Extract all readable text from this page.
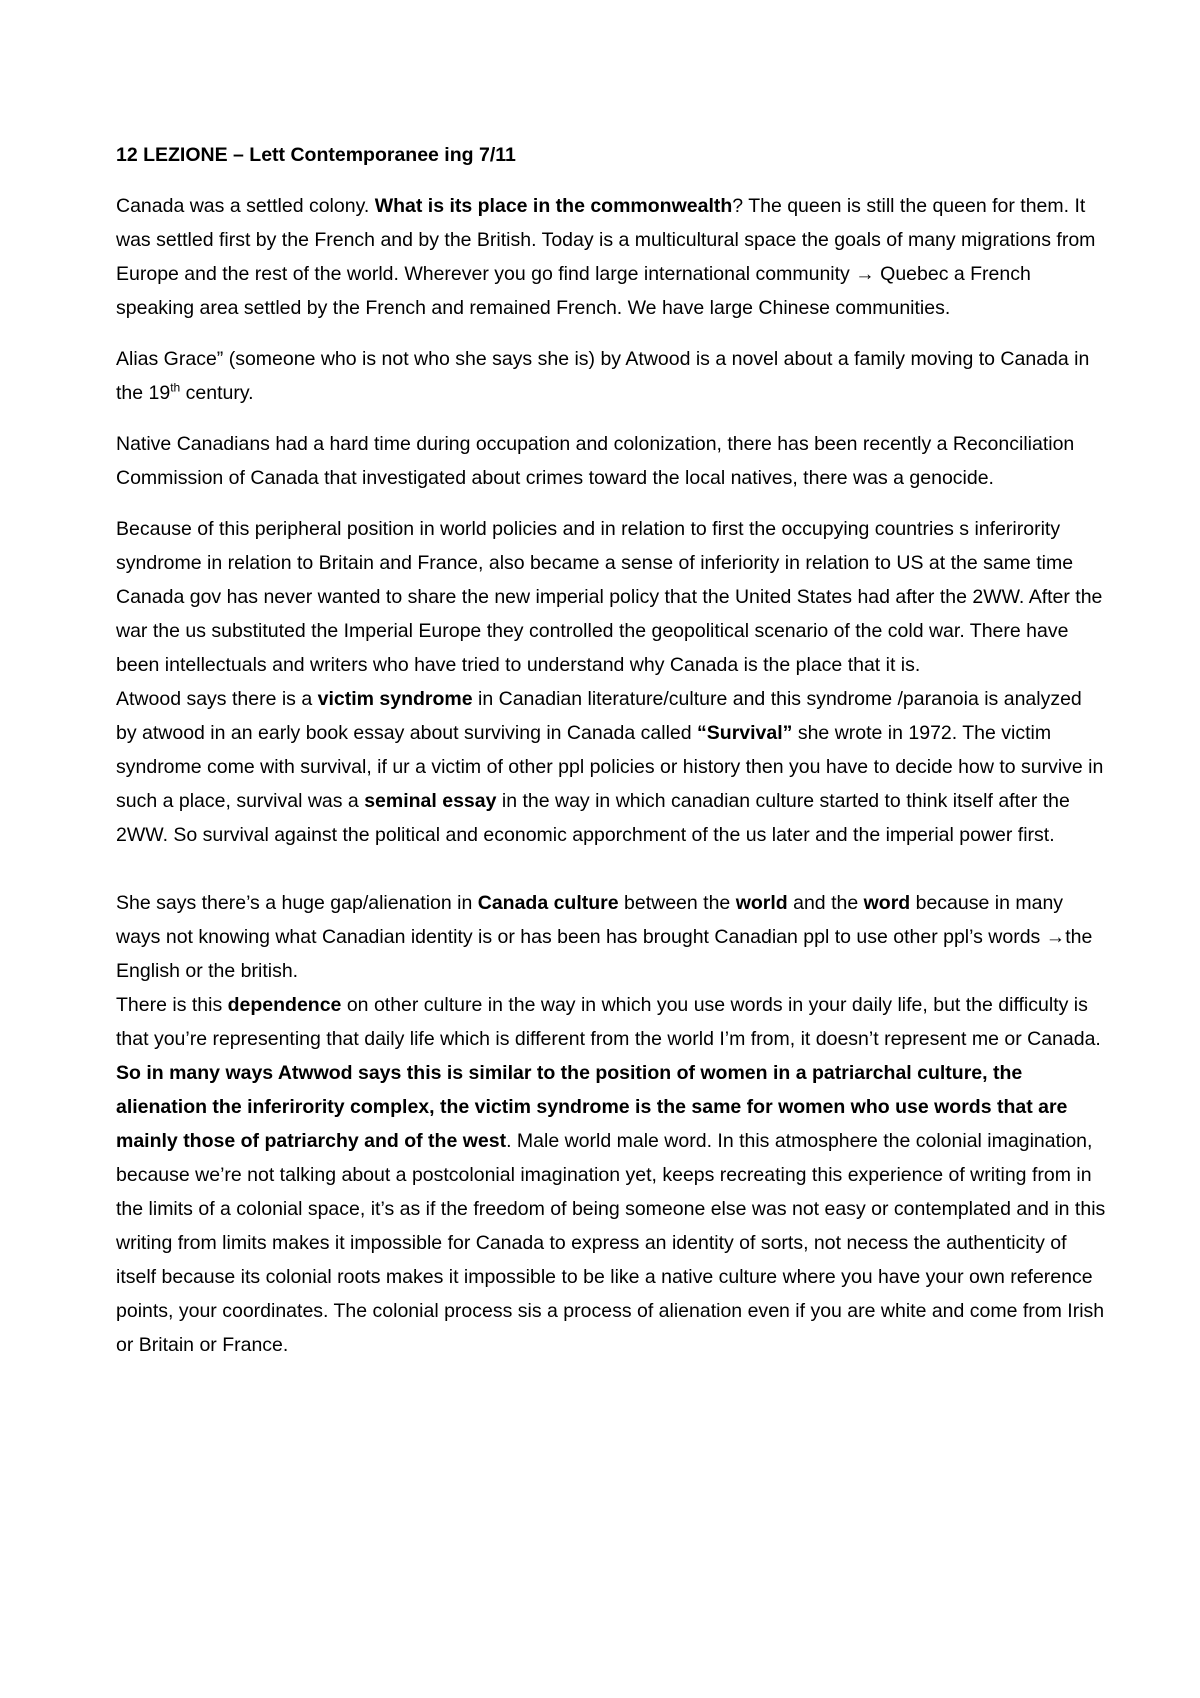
12 LEZIONE – Lett Contemporanee ing 7/11

Canada was a settled colony. What is its place in the commonwealth? The queen is still the queen for them. It was settled first by the French and by the British. Today is a multicultural space the goals of many migrations from Europe and the rest of the world. Wherever you go find large international community → Quebec a French speaking area settled by the French and remained French. We have large Chinese communities.

Alias Grace” (someone who is not who she says she is) by Atwood is a novel about a family moving to Canada in the 19th century.

Native Canadians had a hard time during occupation and colonization, there has been recently a Reconciliation Commission of Canada that investigated about crimes toward the local natives, there was a genocide.

Because of this peripheral position in world policies and in relation to first the occupying countries s inferirority syndrome in relation to Britain and France, also became a sense of inferiority in relation to US at the same time Canada gov has never wanted to share the new imperial policy that the United States had after the 2WW. After the war the us substituted the Imperial Europe they controlled the geopolitical scenario of the cold war. There have been intellectuals and writers who have tried to understand why Canada is the place that it is.

Atwood says there is a victim syndrome in Canadian literature/culture and this syndrome /paranoia is analyzed by atwood in an early book essay about surviving in Canada called “Survival” she wrote in 1972. The victim syndrome come with survival, if ur a victim of other ppl policies or history then you have to decide how to survive in such a place, survival was a seminal essay in the way in which canadian culture started to think itself after the 2WW. So survival against the political and economic apporchment of the us later and the imperial power first.

She says there’s a huge gap/alienation in Canada culture between the world and the word because in many ways not knowing what Canadian identity is or has been has brought Canadian ppl to use other ppl’s words →the English or the british.

There is this dependence on other culture in the way in which you use words in your daily life, but the difficulty is that you’re representing that daily life which is different from the world I’m from, it doesn’t represent me or Canada. So in many ways Atwwod says this is similar to the position of women in a patriarchal culture, the alienation the inferirority complex, the victim syndrome is the same for women who use words that are mainly those of patriarchy and of the west. Male world male word. In this atmosphere the colonial imagination, because we’re not talking about a postcolonial imagination yet, keeps recreating this experience of writing from in the limits of a colonial space, it’s as if the freedom of being someone else was not easy or contemplated and in this writing from limits makes it impossible for Canada to express an identity of sorts, not necess the authenticity of itself because its colonial roots makes it impossible to be like a native culture where you have your own reference points, your coordinates. The colonial process sis a process of alienation even if you are white and come from Irish or Britain or France.
